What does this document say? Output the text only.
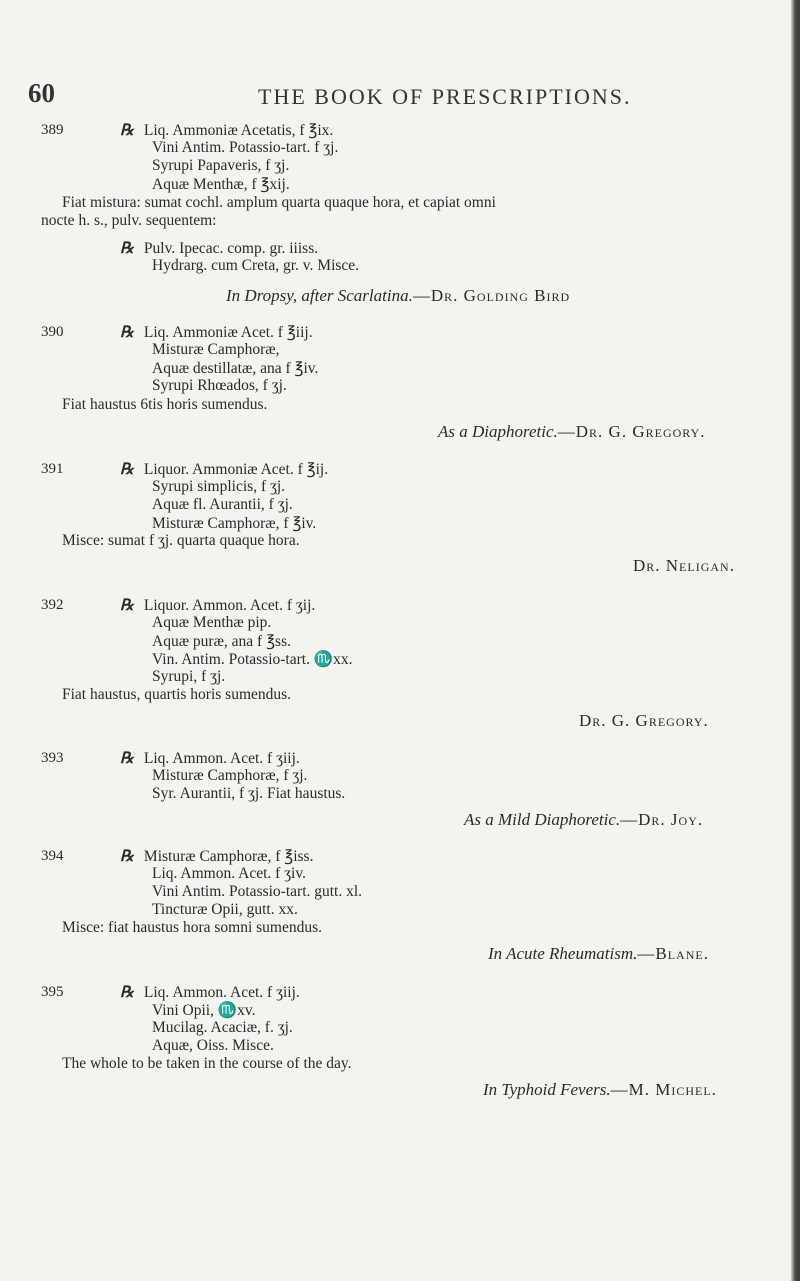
60	THE BOOK OF PRESCRIPTIONS.
389	℞ Liq. Ammoniæ Acetatis, f ℥ix.
Vini Antim. Potassio-tart. f ʒj.
Syrupi Papaveris, f ʒj.
Aquæ Menthæ, f ℥xij.
Fiat mistura: sumat cochl. amplum quarta quaque hora, et capiat omni
nocte h. s., pulv. sequentem:
℞ Pulv. Ipecac. comp. gr. iiiss.
Hydrarg. cum Creta, gr. v. Misce.
In Dropsy, after Scarlatina.—Dr. Golding Bird
390	℞ Liq. Ammoniæ Acet. f ℥iij.
Misturæ Camphoræ,
Aquæ destillatæ, ana f ℥iv.
Syrupi Rhœados, f ʒj.
Fiat haustus 6tis horis sumendus.
As a Diaphoretic.—Dr. G. Gregory.
391	℞ Liquor. Ammoniæ Acet. f ℥ij.
Syrupi simplicis, f ʒj.
Aquæ fl. Aurantii, f ʒj.
Misturæ Camphoræ, f ℥iv.
Misce: sumat f ʒj. quarta quaque hora.
Dr. Neligan.
392	℞ Liquor. Ammon. Acet. f ʒij.
Aquæ Menthæ pip.
Aquæ puræ, ana f ℥ss.
Vin. Antim. Potassio-tart. ♏xx.
Syrupi, f ʒj.
Fiat haustus, quartis horis sumendus.
Dr. G. Gregory.
393	℞ Liq. Ammon. Acet. f ʒiij.
Misturæ Camphoræ, f ʒj.
Syr. Aurantii, f ʒj. Fiat haustus.
As a Mild Diaphoretic.—Dr. Joy.
394	℞ Misturæ Camphoræ, f ℥iss.
Liq. Ammon. Acet. f ʒiv.
Vini Antim. Potassio-tart. gutt. xl.
Tincturæ Opii, gutt. xx.
Misce: fiat haustus hora somni sumendus.
In Acute Rheumatism.—Blane.
395	℞ Liq. Ammon. Acet. f ʒiij.
Vini Opii, ♏xv.
Mucilag. Acaciæ, f. ʒj.
Aquæ, Oiss. Misce.
The whole to be taken in the course of the day.
In Typhoid Fevers.—M. Michel.
